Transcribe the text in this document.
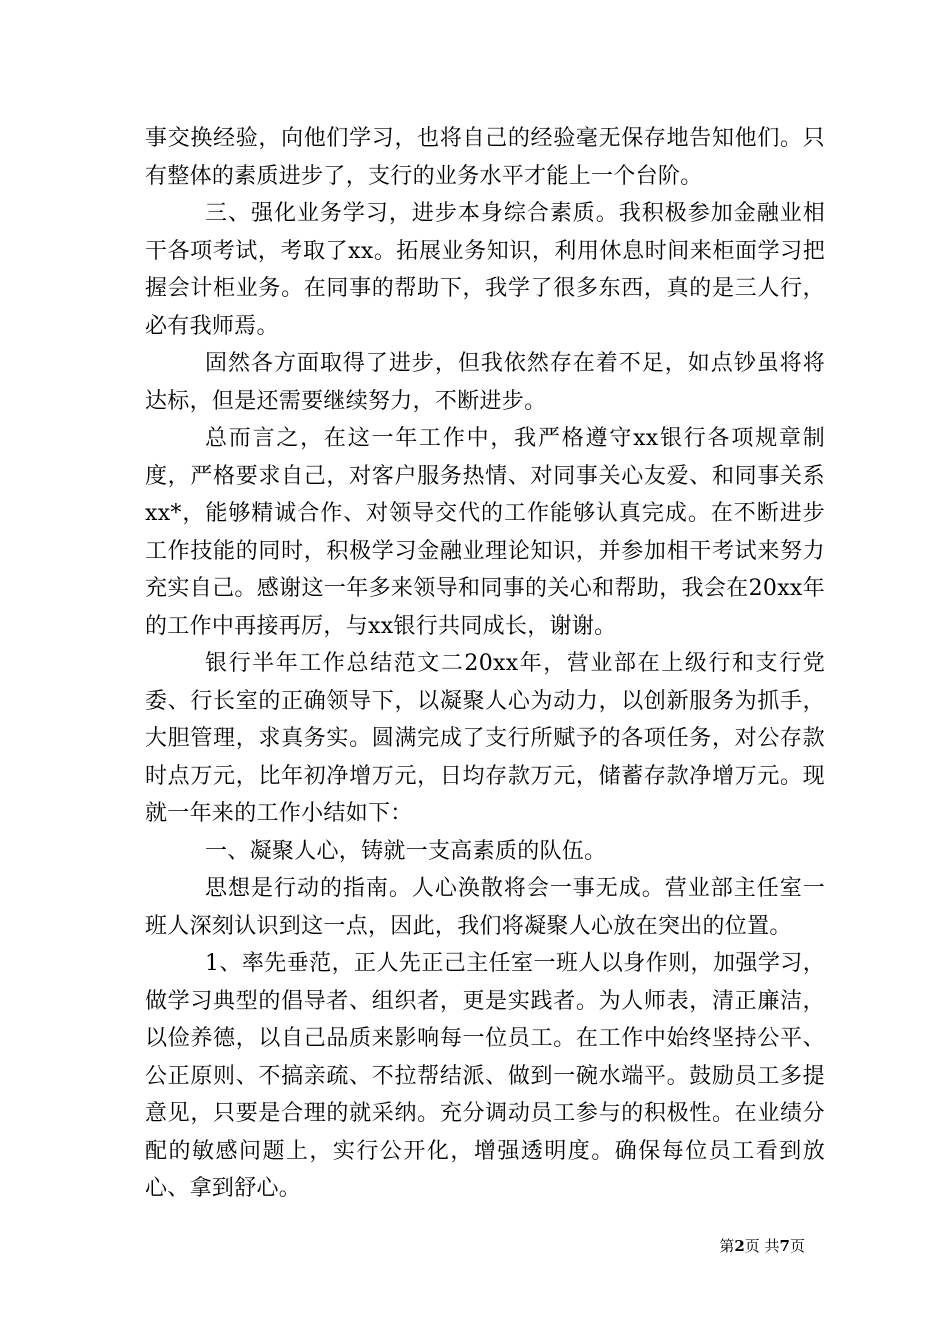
事交换经验，向他们学习，也将自己的经验毫无保存地告知他们。只有整体的素质进步了，支行的业务水平才能上一个台阶。

三、强化业务学习，进步本身综合素质。我积极参加金融业相干各项考试，考取了xx。拓展业务知识，利用休息时间来柜面学习把握会计柜业务。在同事的帮助下，我学了很多东西，真的是三人行，必有我师焉。

固然各方面取得了进步，但我依然存在着不足，如点钞虽将将达标，但是还需要继续努力，不断进步。

总而言之，在这一年工作中，我严格遵守xx银行各项规章制度，严格要求自己，对客户服务热情、对同事关心友爱、和同事关系xx*，能够精诚合作、对领导交代的工作能够认真完成。在不断进步工作技能的同时，积极学习金融业理论知识，并参加相干考试来努力充实自己。感谢这一年多来领导和同事的关心和帮助，我会在20xx年的工作中再接再厉，与xx银行共同成长，谢谢。

银行半年工作总结范文二20xx年，营业部在上级行和支行党委、行长室的正确领导下，以凝聚人心为动力，以创新服务为抓手，大胆管理，求真务实。圆满完成了支行所赋予的各项任务，对公存款时点万元，比年初净增万元，日均存款万元，储蓄存款净增万元。现就一年来的工作小结如下：

一、凝聚人心，铸就一支高素质的队伍。

思想是行动的指南。人心涣散将会一事无成。营业部主任室一班人深刻认识到这一点，因此，我们将凝聚人心放在突出的位置。

1、率先垂范，正人先正己主任室一班人以身作则，加强学习，做学习典型的倡导者、组织者，更是实践者。为人师表，清正廉洁，以俭养德，以自己品质来影响每一位员工。在工作中始终坚持公平、公正原则、不搞亲疏、不拉帮结派、做到一碗水端平。鼓励员工多提意见，只要是合理的就采纳。充分调动员工参与的积极性。在业绩分配的敏感问题上，实行公开化，增强透明度。确保每位员工看到放心、拿到舒心。

第2页 共7页
